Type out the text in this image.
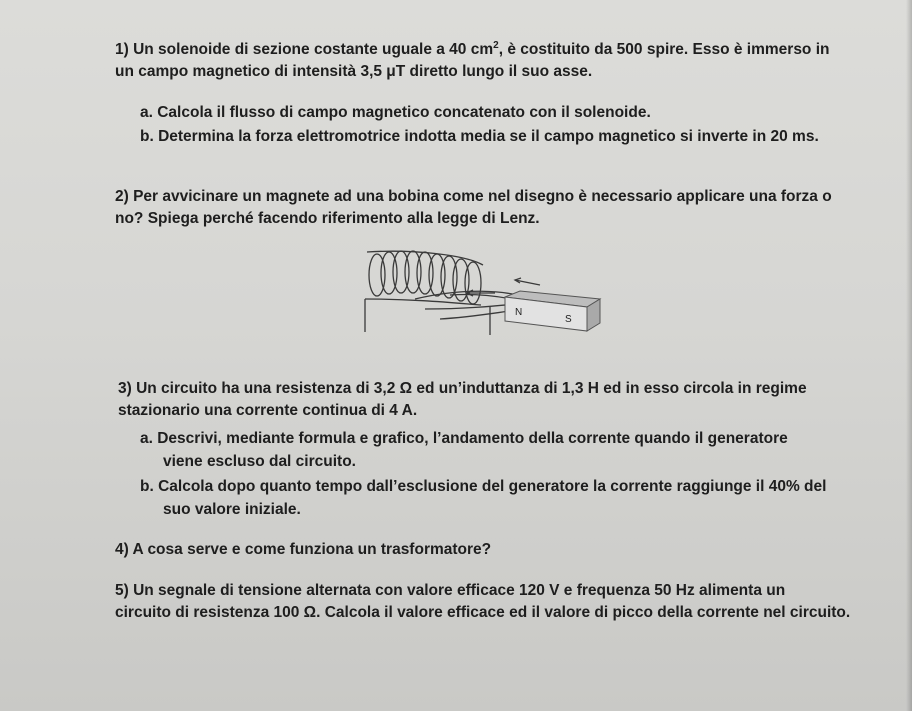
1) Un solenoide di sezione costante uguale a 40 $cm^2$, è costituito da 500 spire. Esso è immerso in
un campo magnetico di intensità 3,5 μT diretto lungo il suo asse.
a. Calcola il flusso di campo magnetico concatenato con il solenoide.
b. Determina la forza elettromotrice indotta media se il campo magnetico si inverte in 20 ms.
2) Per avvicinare un magnete ad una bobina come nel disegno è necessario applicare una forza o
no? Spiega perché facendo riferimento alla legge di Lenz.
N
S
3) Un circuito ha una resistenza di 3,2 Ω ed un’induttanza di 1,3 H ed in esso circola in regime
stazionario una corrente continua di 4 A.
a. Descrivi, mediante formula e grafico, l’andamento della corrente quando il generatore
viene escluso dal circuito.
b. Calcola dopo quanto tempo dall’esclusione del generatore la corrente raggiunge il 40% del
suo valore iniziale.
4) A cosa serve e come funziona un trasformatore?
5) Un segnale di tensione alternata con valore efficace 120 V e frequenza 50 Hz alimenta un
circuito di resistenza 100 Ω. Calcola il valore efficace ed il valore di picco della corrente nel circuito.
